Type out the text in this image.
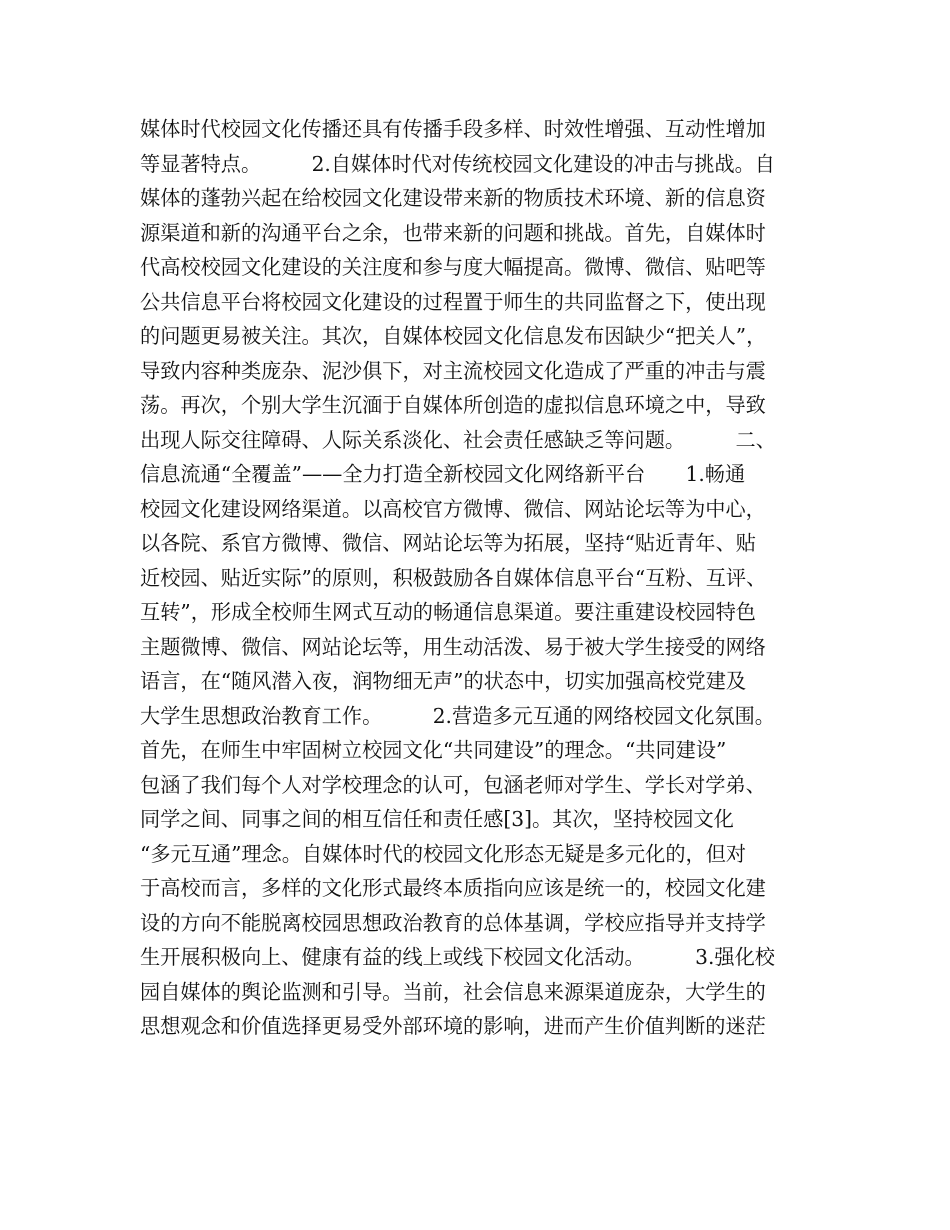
媒体时代校园文化传播还具有传播手段多样、时效性增强、互动性增加
等显著特点。　　　2.自媒体时代对传统校园文化建设的冲击与挑战。自
媒体的蓬勃兴起在给校园文化建设带来新的物质技术环境、新的信息资
源渠道和新的沟通平台之余，也带来新的问题和挑战。首先，自媒体时
代高校校园文化建设的关注度和参与度大幅提高。微博、微信、贴吧等
公共信息平台将校园文化建设的过程置于师生的共同监督之下，使出现
的问题更易被关注。其次，自媒体校园文化信息发布因缺少“把关人”，
导致内容种类庞杂、泥沙俱下，对主流校园文化造成了严重的冲击与震
荡。再次，个别大学生沉湎于自媒体所创造的虚拟信息环境之中，导致
出现人际交往障碍、人际关系淡化、社会责任感缺乏等问题。　　　二、
信息流通“全覆盖”——全力打造全新校园文化网络新平台　　1.畅通
校园文化建设网络渠道。以高校官方微博、微信、网站论坛等为中心，
以各院、系官方微博、微信、网站论坛等为拓展，坚持“贴近青年、贴
近校园、贴近实际”的原则，积极鼓励各自媒体信息平台“互粉、互评、
互转”，形成全校师生网式互动的畅通信息渠道。要注重建设校园特色
主题微博、微信、网站论坛等，用生动活泼、易于被大学生接受的网络
语言，在“随风潜入夜，润物细无声”的状态中，切实加强高校党建及
大学生思想政治教育工作。　　　2.营造多元互通的网络校园文化氛围。
首先，在师生中牢固树立校园文化“共同建设”的理念。“共同建设”
包涵了我们每个人对学校理念的认可，包涵老师对学生、学长对学弟、
同学之间、同事之间的相互信任和责任感[3]。其次，坚持校园文化
“多元互通”理念。自媒体时代的校园文化形态无疑是多元化的，但对
于高校而言，多样的文化形式最终本质指向应该是统一的，校园文化建
设的方向不能脱离校园思想政治教育的总体基调，学校应指导并支持学
生开展积极向上、健康有益的线上或线下校园文化活动。　　　3.强化校
园自媒体的舆论监测和引导。当前，社会信息来源渠道庞杂，大学生的
思想观念和价值选择更易受外部环境的影响，进而产生价值判断的迷茫
